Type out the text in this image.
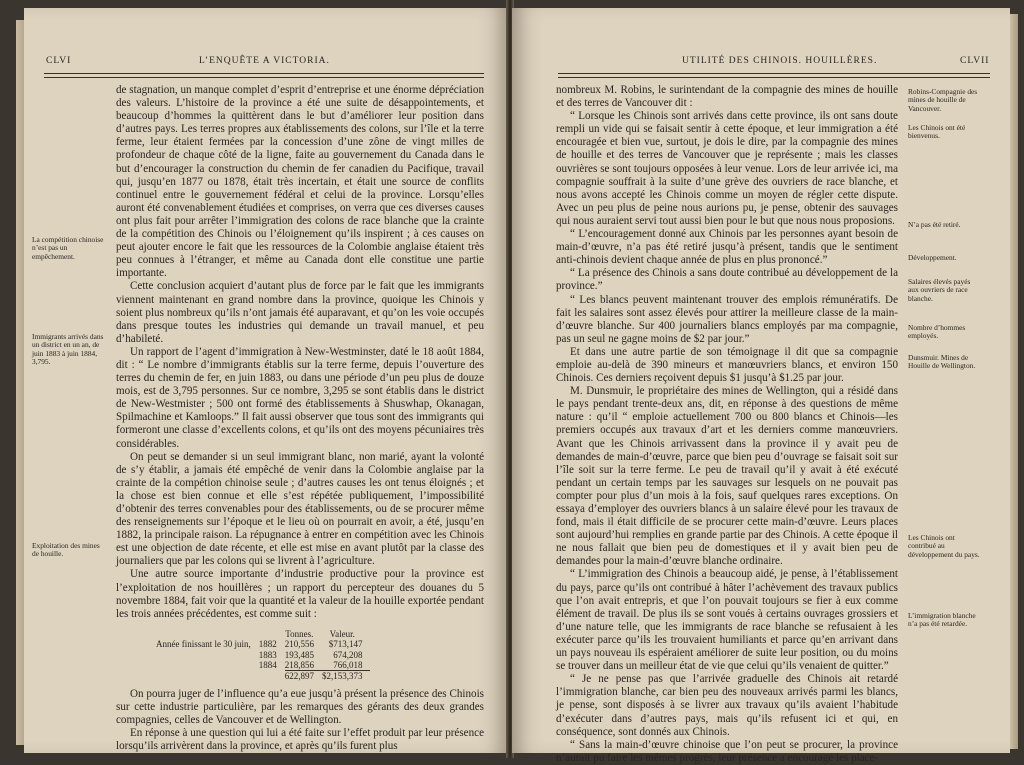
CLVI	L’ENQUÊTE A VICTORIA.
La compétition chinoise n’est pas un empêchement.
Immigrants arrivés dans un district en un an, de juin 1883 à juin 1884, 3,795.
Exploitation des mines de houille.

de stagnation, un manque complet d’esprit d’entreprise et une énorme dépréciation des valeurs. L’histoire de la province a été une suite de désappointements, et beaucoup d’hommes la quittèrent dans le but d’améliorer leur position dans d’autres pays. Les terres propres aux établissements des colons, sur l’île et la terre ferme, leur étaient fermées par la concession d’une zône de vingt milles de profondeur de chaque côté de la ligne, faite au gouvernement du Canada dans le but d’encourager la construction du chemin de fer canadien du Pacifique, travail qui, jusqu’en 1877 ou 1878, était très incertain, et était une source de conflits continuel entre le gouvernement fédéral et celui de la province. Lorsqu’elles auront été convenablement étudiées et comprises, on verra que ces diverses causes ont plus fait pour arrêter l’immigration des colons de race blanche que la crainte de la compétition des Chinois ou l’éloignement qu’ils inspirent ; à ces causes on peut ajouter encore le fait que les ressources de la Colombie anglaise étaient très peu connues à l’étranger, et même au Canada dont elle constitue une partie importante.

Cette conclusion acquiert d’autant plus de force par le fait que les immigrants viennent maintenant en grand nombre dans la province, quoique les Chinois y soient plus nombreux qu’ils n’ont jamais été auparavant, et qu’on les voie occupés dans presque toutes les industries qui demande un travail manuel, et peu d’habileté.

Un rapport de l’agent d’immigration à New-Westminster, daté le 18 août 1884, dit : “ Le nombre d’immigrants établis sur la terre ferme, depuis l’ouverture des terres du chemin de fer, en juin 1883, ou dans une période d’un peu plus de douze mois, est de 3,795 personnes. Sur ce nombre, 3,295 se sont établis dans le district de New-Westmister ; 500 ont formé des établissements à Shuswhap, Okanagan, Spilmachine et Kamloops.” Il fait aussi observer que tous sont des immigrants qui formeront une classe d’excellents colons, et qu’ils ont des moyens pécuniaires très considérables.

On peut se demander si un seul immigrant blanc, non marié, ayant la volonté de s’y établir, a jamais été empêché de venir dans la Colombie anglaise par la crainte de la compétion chinoise seule ; d’autres causes les ont tenus éloignés ; et la chose est bien connue et elle s’est répétée publiquement, l’impossibilité d’obtenir des terres convenables pour des établissements, ou de se procurer même des renseignements sur l’époque et le lieu où on pourrait en avoir, a été, jusqu’en 1882, la principale raison. La répugnance à entrer en compétition avec les Chinois est une objection de date récente, et elle est mise en avant plutôt par la classe des journaliers que par les colons qui se livrent à l’agriculture.

Une autre source importante d’industrie productive pour la province est l’exploitation de nos houillères ; un rapport du percepteur des douanes du 5 novembre 1884, fait voir que la quantité et la valeur de la houille exportée pendant les trois années précédentes, est comme suit :

		Tonnes.	Valeur.
Année finissant le 30 juin,	1882	210,556	$713,147
	1883	193,485	674,208
	1884	218,856	766,018
		622,897	$2,153,373

On pourra juger de l’influence qu’a eue jusqu’à présent la présence des Chinois sur cette industrie particulière, par les remarques des gérants des deux grandes compagnies, celles de Vancouver et de Wellington.

En réponse à une question qui lui a été faite sur l’effet produit par leur présence lorsqu’ils arrivèrent dans la province, et après qu’ils furent plus

UTILITÉ DES CHINOIS. HOUILLÈRES.	CLVII

nombreux M. Robins, le surintendant de la compagnie des mines de houille et des terres de Vancouver dit :

“ Lorsque les Chinois sont arrivés dans cette province, ils ont sans doute rempli un vide qui se faisait sentir à cette époque, et leur immigration a été encouragée et bien vue, surtout, je dois le dire, par la compagnie des mines de houille et des terres de Vancouver que je représente ; mais les classes ouvrières se sont toujours opposées à leur venue. Lors de leur arrivée ici, ma compagnie souffrait à la suite d’une grève des ouvriers de race blanche, et nous avons accepté les Chinois comme un moyen de régler cette dispute. Avec un peu plus de peine nous aurions pu, je pense, obtenir des sauvages qui nous auraient servi tout aussi bien pour le but que nous nous proposions.

“ L’encouragement donné aux Chinois par les personnes ayant besoin de main-d’œuvre, n’a pas été retiré jusqu’à présent, tandis que le sentiment anti-chinois devient chaque année de plus en plus prononcé.”

“ La présence des Chinois a sans doute contribué au développement de la province.”

“ Les blancs peuvent maintenant trouver des emplois rémunératifs. De fait les salaires sont assez élevés pour attirer la meilleure classe de la main-d’œuvre blanche. Sur 400 journaliers blancs employés par ma compagnie, pas un seul ne gagne moins de $2 par jour.”

Et dans une autre partie de son témoignage il dit que sa compagnie emploie au-delà de 390 mineurs et manœuvriers blancs, et environ 150 Chinois. Ces derniers reçoivent depuis $1 jusqu’à $1.25 par jour.

M. Dunsmuir, le propriétaire des mines de Wellington, qui a résidé dans le pays pendant trente-deux ans, dit, en réponse à des questions de même nature : qu’il “ emploie actuellement 700 ou 800 blancs et Chinois—les premiers occupés aux travaux d’art et les derniers comme manœuvriers. Avant que les Chinois arrivassent dans la province il y avait peu de demandes de main-d’œuvre, parce que bien peu d’ouvrage se faisait soit sur l’île soit sur la terre ferme. Le peu de travail qu’il y avait à été exécuté pendant un certain temps par les sauvages sur lesquels on ne pouvait pas compter pour plus d’un mois à la fois, sauf quelques rares exceptions. On essaya d’employer des ouvriers blancs à un salaire élevé pour les travaux de fond, mais il était difficile de se procurer cette main-d’œuvre. Leurs places sont aujourd’hui remplies en grande partie par des Chinois. A cette époque il ne nous fallait que bien peu de domestiques et il y avait bien peu de demandes pour la main-d’œuvre blanche ordinaire.

“ L’immigration des Chinois a beaucoup aidé, je pense, à l’établissement du pays, parce qu’ils ont contribué à hâter l’achèvement des travaux publics que l’on avait entrepris, et que l’on pouvait toujours se fier à eux comme élément de travail. De plus ils se sont voués à certains ouvrages grossiers et d’une nature telle, que les immigrants de race blanche se refusaient à les exécuter parce qu’ils les trouvaient humiliants et parce qu’en arrivant dans un pays nouveau ils espéraient améliorer de suite leur position, ou du moins se trouver dans un meilleur état de vie que celui qu’ils venaient de quitter.”

“ Je ne pense pas que l’arrivée graduelle des Chinois ait retardé l’immigration blanche, car bien peu des nouveaux arrivés parmi les blancs, je pense, sont disposés à se livrer aux travaux qu’ils avaient l’habitude d’exécuter dans d’autres pays, mais qu’ils refusent ici et qui, en conséquence, sont donnés aux Chinois.

“ Sans la main-d’œuvre chinoise que l’on peut se procurer, la province n’aurait pu faire les mêmes progrès, leur présence a encouragé les place-

Robins-Compagnie des mines de houille de Vancouver.
Les Chinois ont été bienvenus.
N’a pas été retiré.
Développement.
Salaires élevés payés aux ouvriers de race blanche.
Nombre d’hommes employés.
Dunsmuir. Mines de Houille de Wellington.
Les Chinois ont contribué au développement du pays.
L’immigration blanche n’a pas été retardée.
